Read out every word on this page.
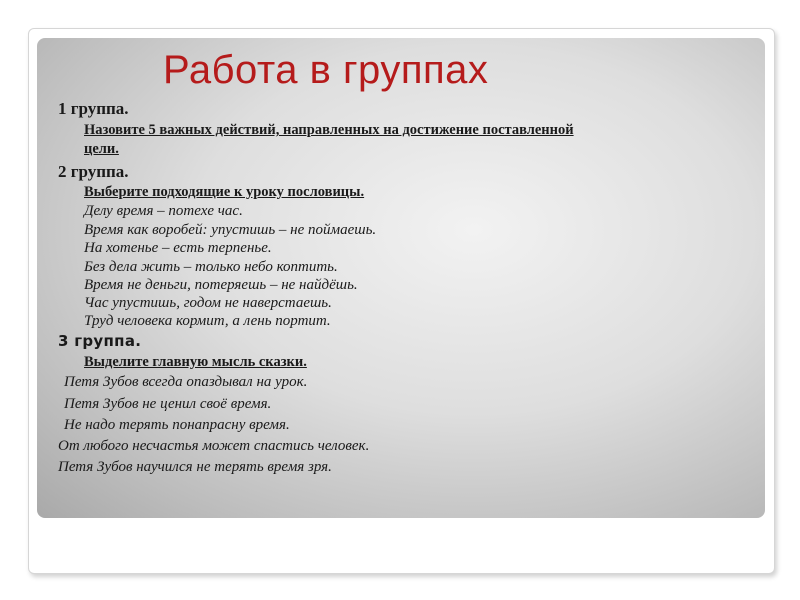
Работа в группах
1 группа.
Назовите 5 важных действий, направленных на достижение поставленной
цели.
2 группа.
Выберите подходящие к уроку пословицы.
Делу время – потехе час.
Время как воробей: упустишь – не поймаешь.
На хотенье – есть терпенье.
Без дела жить – только небо коптить.
Время не деньги, потеряешь – не найдёшь.
Час упустишь, годом не наверстаешь.
Труд человека кормит, а лень портит.
3 группа.
Выделите главную мысль сказки.
Петя Зубов всегда опаздывал на урок.
Петя Зубов не ценил своё время.
Не надо терять понапрасну время.
От любого несчастья может спастись человек.
Петя Зубов научился не терять время зря.
